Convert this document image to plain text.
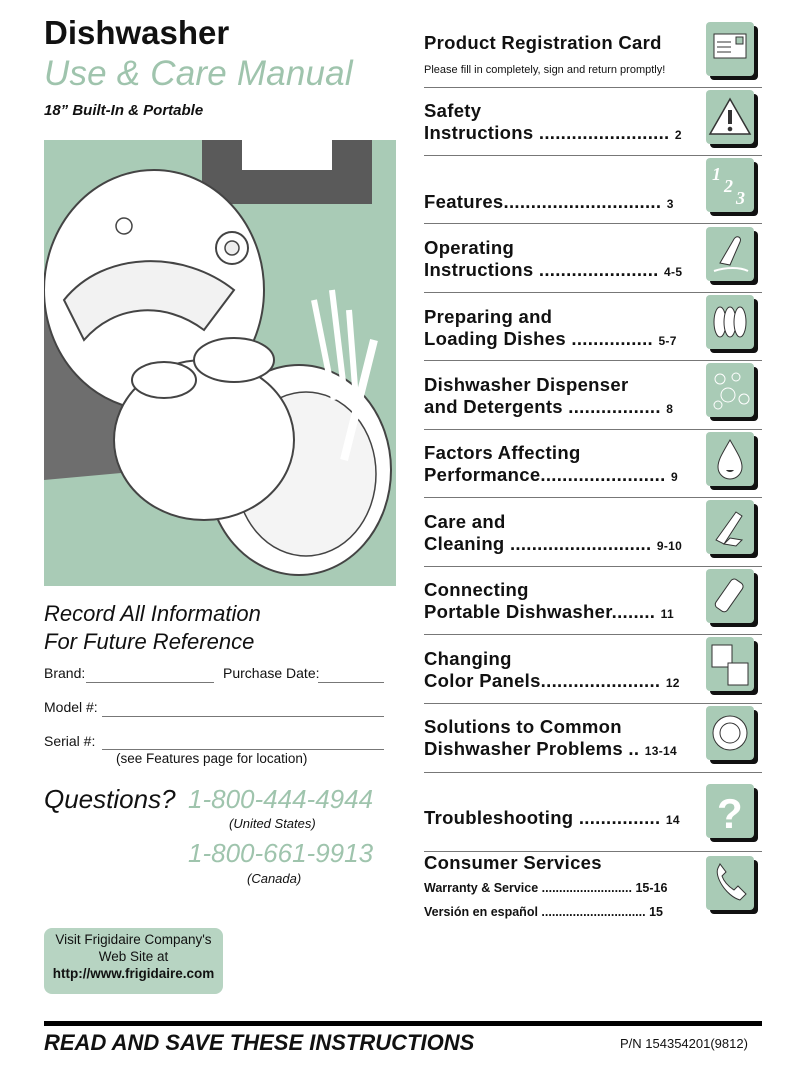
Dishwasher
Use & Care Manual
18” Built-In & Portable
Record All Information
For Future Reference
Brand:	Purchase Date:
Model #:
Serial #:
(see Features page for location)
Questions? 1-800-444-4944
(United States)
1-800-661-9913
(Canada)
Visit Frigidaire Company's
Web Site at
http://www.frigidaire.com
Product Registration Card
Please fill in completely, sign and return promptly!
Safety
Instructions ........................ 2
Features............................. 3
Operating
Instructions ...................... 4-5
Preparing and
Loading Dishes ............... 5-7
Dishwasher Dispenser
and Detergents ................. 8
Factors Affecting
Performance....................... 9
Care and
Cleaning .......................... 9-10
Connecting
Portable Dishwasher........ 11
Changing
Color Panels...................... 12
Solutions to Common
Dishwasher Problems .. 13-14
Troubleshooting ............... 14
Consumer Services
Warranty & Service .......................... 15-16
Versión en español .............................. 15
1
2
3
?
READ AND SAVE THESE INSTRUCTIONS	P/N 154354201(9812)
